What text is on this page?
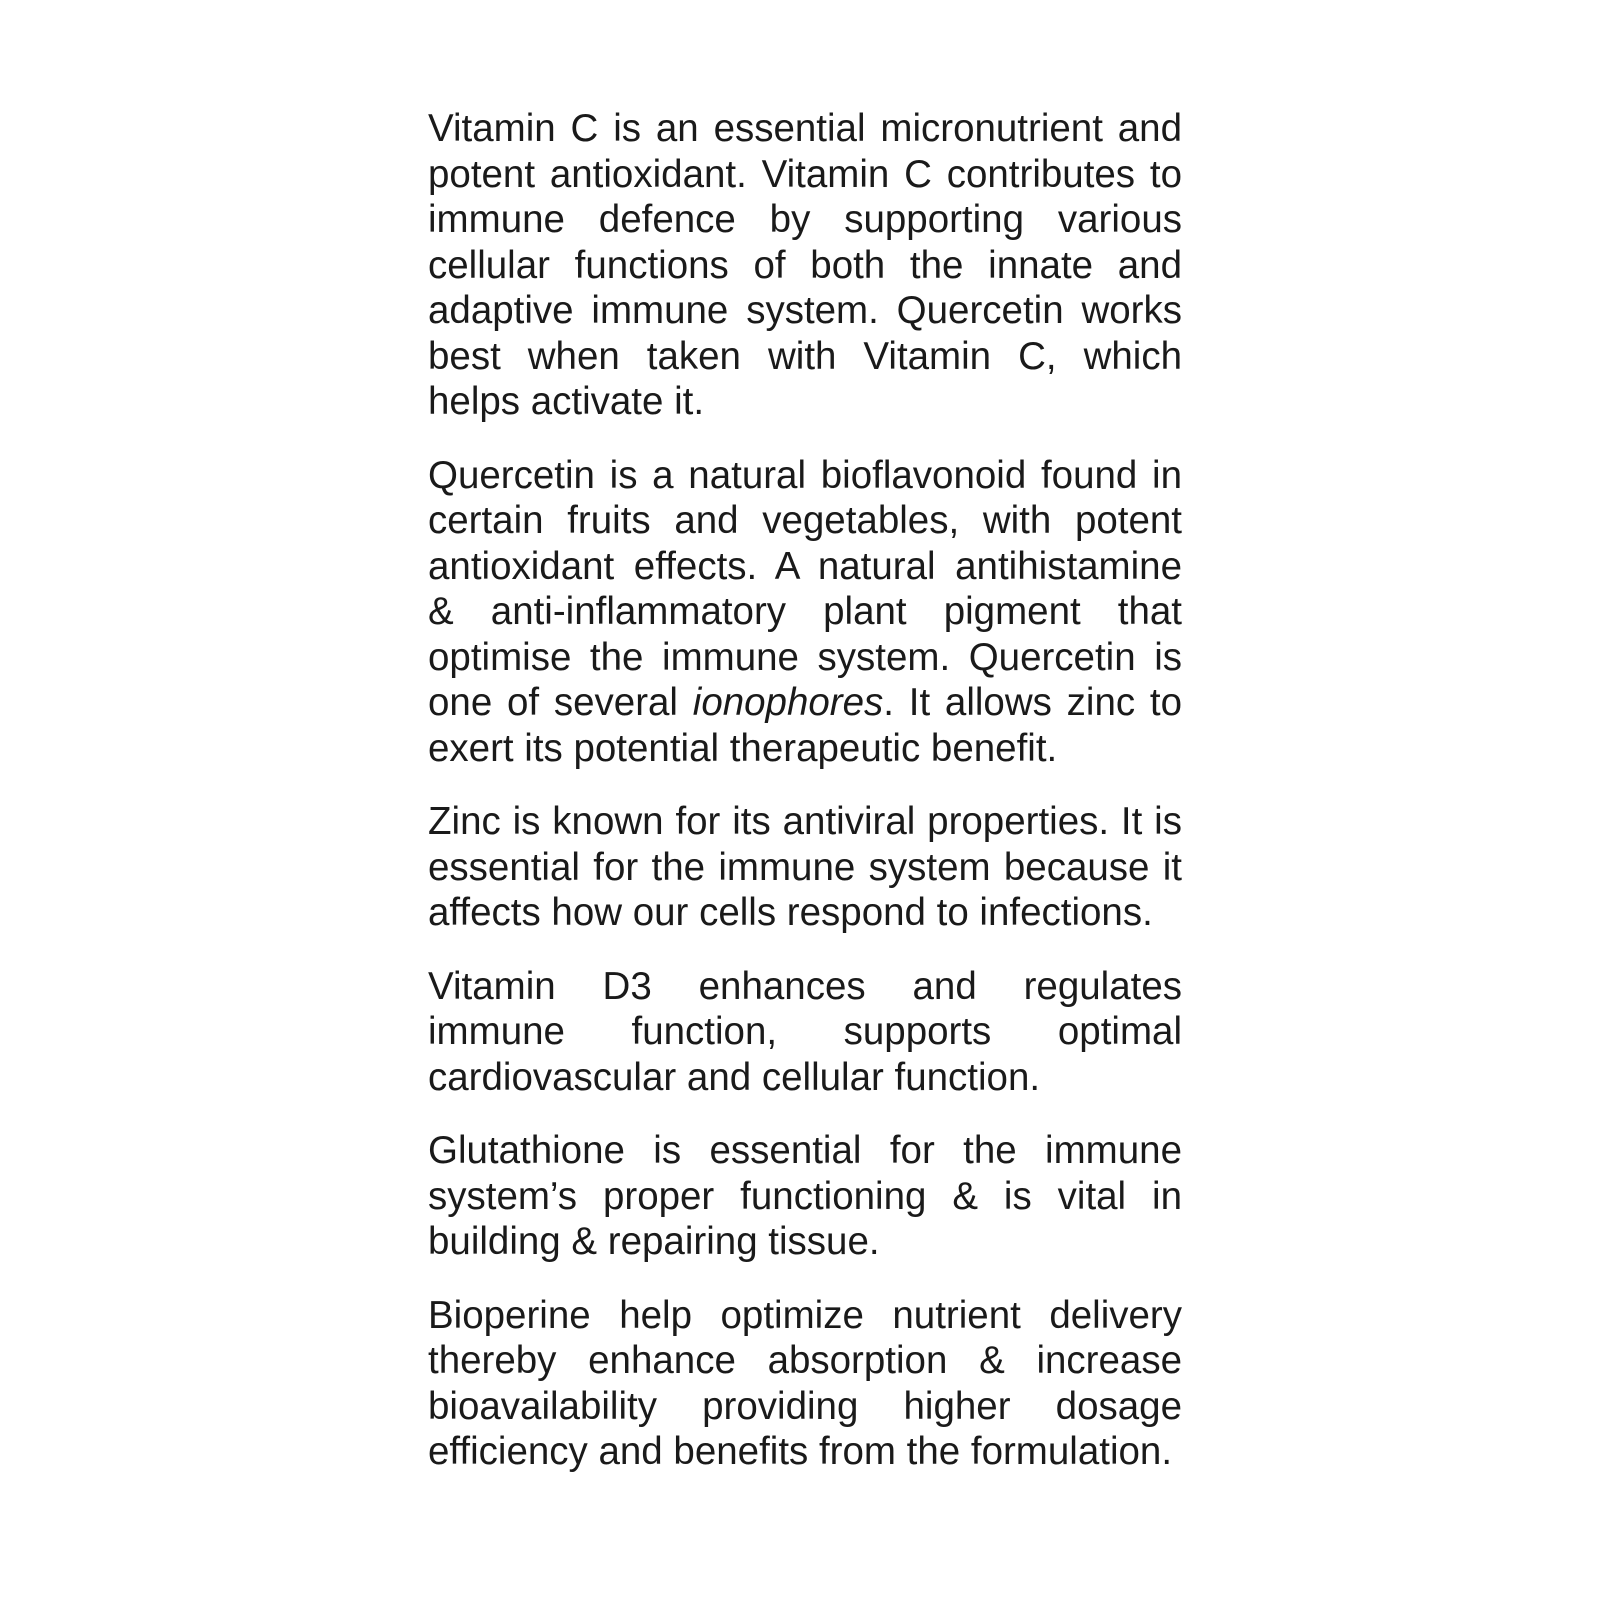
Vitamin C is an essential micronutrient and potent antioxidant. Vitamin C contributes to immune defence by supporting various cellular functions of both the innate and adaptive immune system. Quercetin works best when taken with Vitamin C, which helps activate it.

Quercetin is a natural bioflavonoid found in certain fruits and vegetables, with potent antioxidant effects. A natural antihistamine & anti-inflammatory plant pigment that optimise the immune system. Quercetin is one of several ionophores. It allows zinc to exert its potential therapeutic benefit.

Zinc is known for its antiviral properties. It is essential for the immune system because it affects how our cells respond to infections.

Vitamin D3 enhances and regulates immune function, supports optimal cardiovascular and cellular function.

Glutathione is essential for the immune system’s proper functioning & is vital in building & repairing tissue.

Bioperine help optimize nutrient delivery thereby enhance absorption & increase bioavailability providing higher dosage efficiency and benefits from the formulation.
